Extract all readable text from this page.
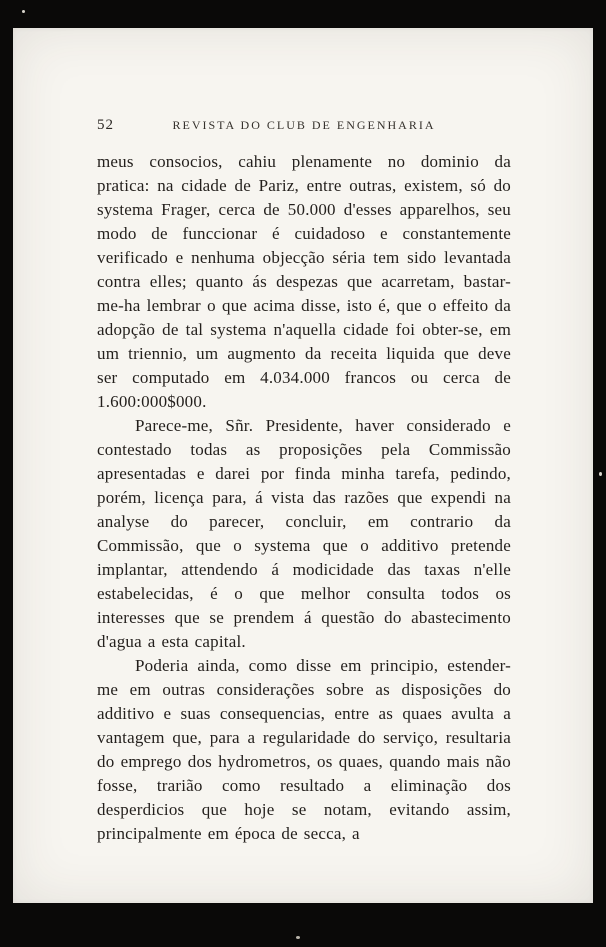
52	REVISTA DO CLUB DE ENGENHARIA

meus consocios, cahiu plenamente no dominio da pratica: na cidade de Pariz, entre outras, existem, só do systema Frager, cerca de 50.000 d'esses apparelhos, seu modo de funccionar é cuidadoso e constantemente verificado e nenhuma objecção séria tem sido levantada contra elles; quanto ás despezas que acarretam, bastar-me-ha lembrar o que acima disse, isto é, que o effeito da adopção de tal systema n'aquella cidade foi obter-se, em um triennio, um augmento da receita liquida que deve ser computado em 4.034.000 francos ou cerca de 1.600:000$000.

Parece-me, Sñr. Presidente, haver considerado e contestado todas as proposições pela Commissão apresentadas e darei por finda minha tarefa, pedindo, porém, licença para, á vista das razões que expendi na analyse do parecer, concluir, em contrario da Commissão, que o systema que o additivo pretende implantar, attendendo á modicidade das taxas n'elle estabelecidas, é o que melhor consulta todos os interesses que se prendem á questão do abastecimento d'agua a esta capital.

Poderia ainda, como disse em principio, estender-me em outras considerações sobre as disposições do additivo e suas consequencias, entre as quaes avulta a vantagem que, para a regularidade do serviço, resultaria do emprego dos hydrometros, os quaes, quando mais não fosse, trarião como resultado a eliminação dos desperdicios que hoje se notam, evitando assim, principalmente em época de secca, a
